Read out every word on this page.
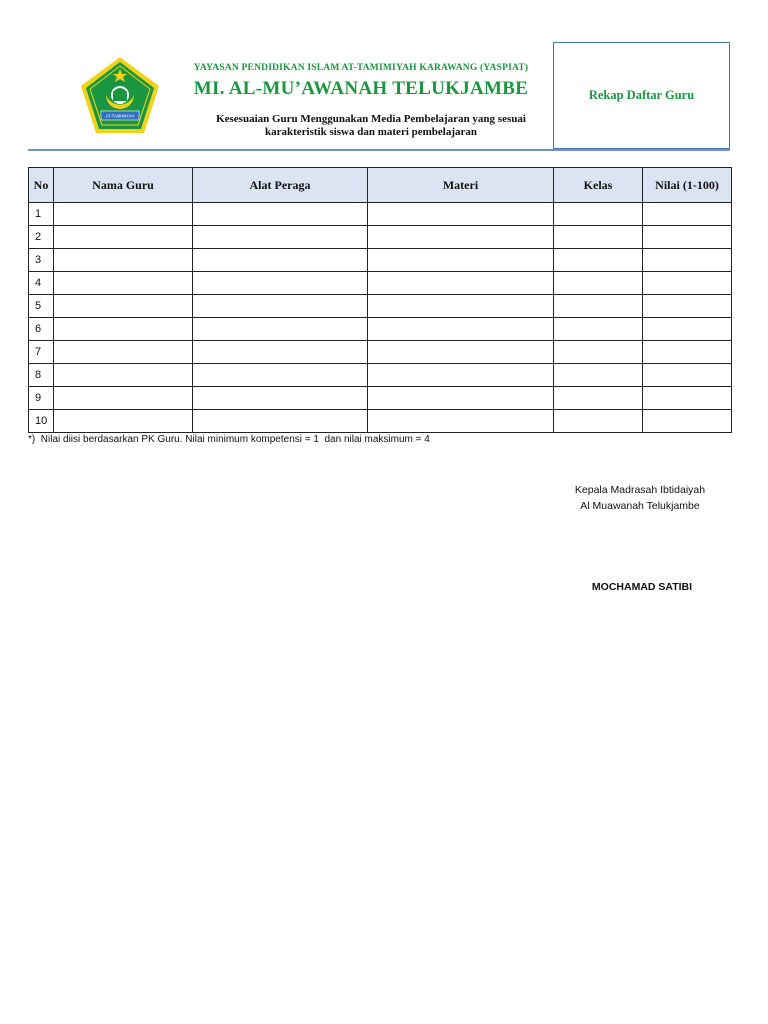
AT-TAMIMIYAH
YAYASAN PENDIDIKAN ISLAM AT-TAMIMIYAH KARAWANG (YASPIAT)
MI. AL-MU’AWANAH TELUKJAMBE
Kesesuaian Guru Menggunakan Media Pembelajaran yang sesuai
karakteristik siswa dan materi pembelajaran
Rekap Daftar Guru
No	Nama Guru	Alat Peraga	Materi	Kelas	Nilai (1-100)
1					
2					
3					
4					
5					
6					
7					
8					
9					
10					
*)  Nilai diisi berdasarkan PK Guru. Nilai minimum kompetensi = 1  dan nilai maksimum = 4
Kepala Madrasah Ibtidaiyah
Al Muawanah Telukjambe
MOCHAMAD SATIBI
